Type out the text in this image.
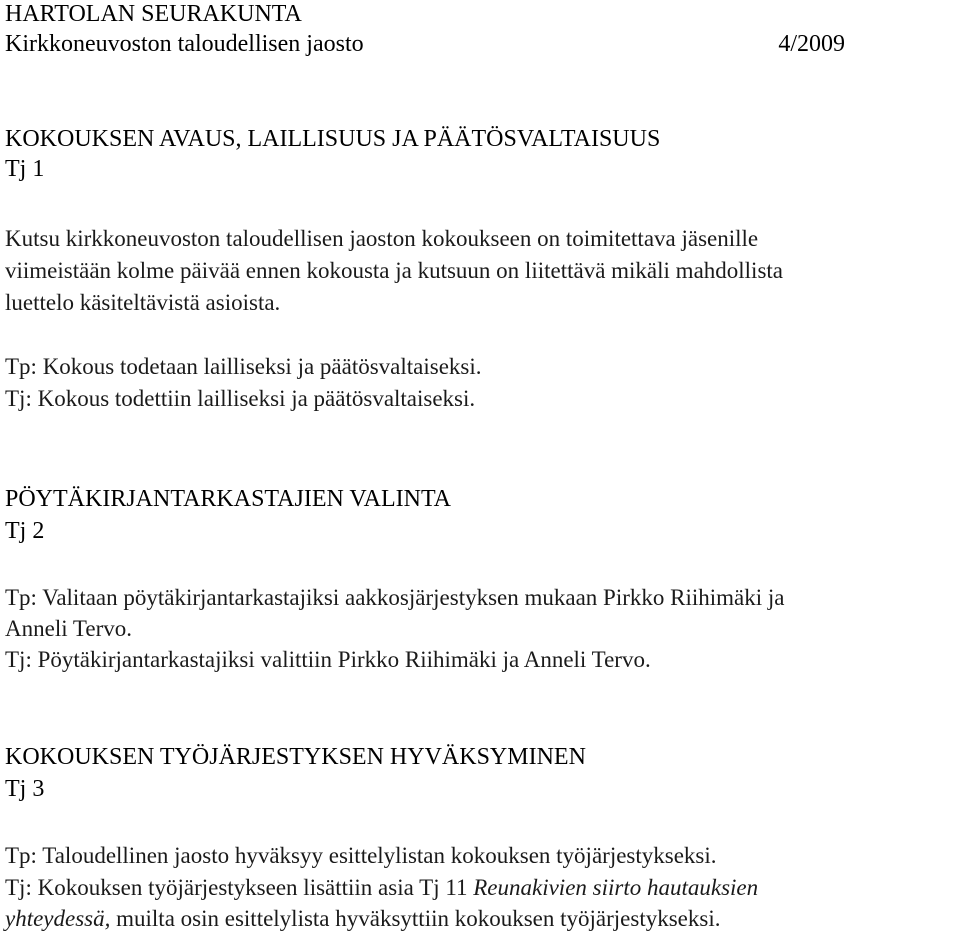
HARTOLAN SEURAKUNTA
Kirkkoneuvoston taloudellisen jaosto	4/2009
KOKOUKSEN AVAUS, LAILLISUUS JA PÄÄTÖSVALTAISUUS
Tj 1
Kutsu kirkkoneuvoston taloudellisen jaoston kokoukseen on toimitettava jäsenille
viimeistään kolme päivää ennen kokousta ja kutsuun on liitettävä mikäli mahdollista
luettelo käsiteltävistä asioista.
Tp: Kokous todetaan lailliseksi ja päätösvaltaiseksi.
Tj: Kokous todettiin lailliseksi ja päätösvaltaiseksi.
PÖYTÄKIRJANTARKASTAJIEN VALINTA
Tj 2
Tp: Valitaan pöytäkirjantarkastajiksi aakkosjärjestyksen mukaan Pirkko Riihimäki ja
Anneli Tervo.
Tj: Pöytäkirjantarkastajiksi valittiin Pirkko Riihimäki ja Anneli Tervo.
KOKOUKSEN TYÖJÄRJESTYKSEN HYVÄKSYMINEN
Tj 3
Tp: Taloudellinen jaosto hyväksyy esittelylistan kokouksen työjärjestykseksi.
Tj: Kokouksen työjärjestykseen lisättiin asia Tj 11 Reunakivien siirto hautauksien
yhteydessä, muilta osin esittelylista hyväksyttiin kokouksen työjärjestykseksi.
